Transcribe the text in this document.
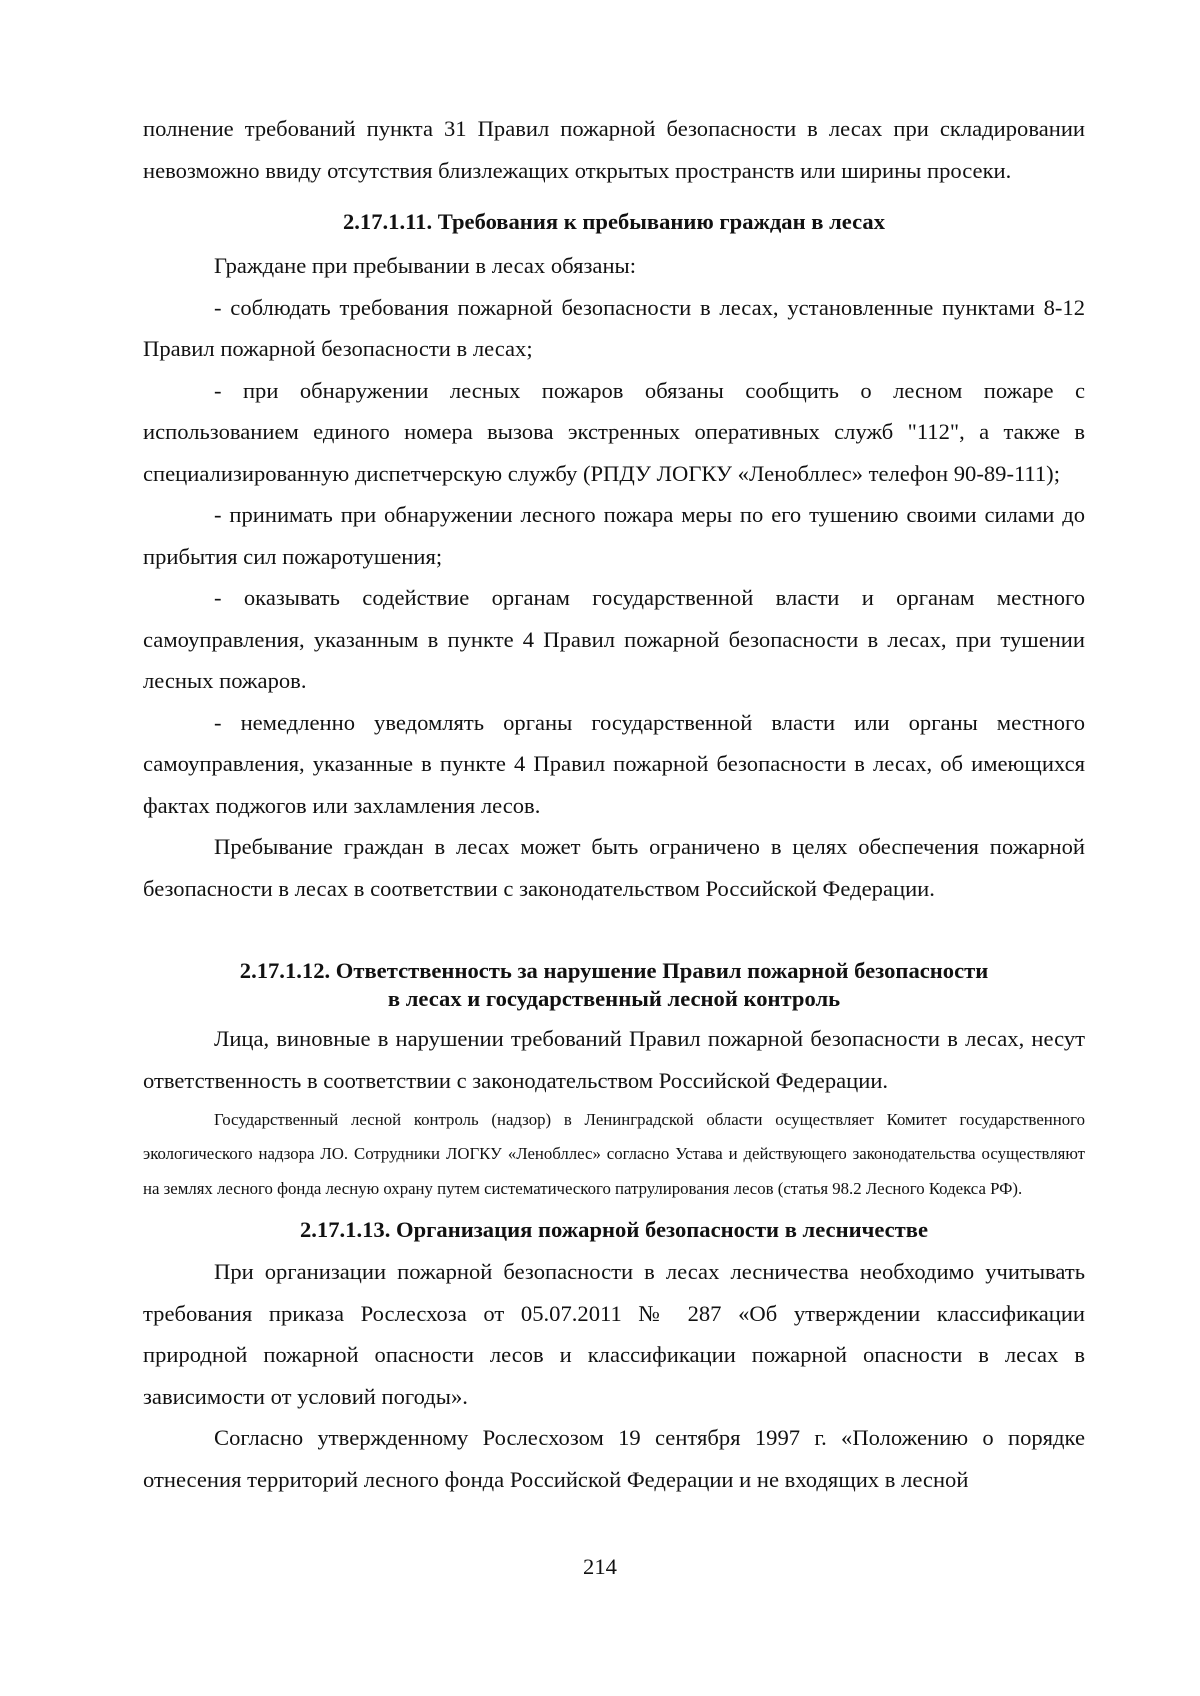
полнение требований пункта 31 Правил пожарной безопасности в лесах при складировании невозможно ввиду отсутствия близлежащих открытых пространств или ширины просеки.

2.17.1.11. Требования к пребыванию граждан в лесах

Граждане при пребывании в лесах обязаны:

- соблюдать требования пожарной безопасности в лесах, установленные пунктами 8-12 Правил пожарной безопасности в лесах;

- при обнаружении лесных пожаров обязаны сообщить о лесном пожаре с использованием единого номера вызова экстренных оперативных служб "112", а также в специализированную диспетчерскую службу (РПДУ ЛОГКУ «Ленобллес» телефон 90-89-111);

- принимать при обнаружении лесного пожара меры по его тушению своими силами до прибытия сил пожаротушения;

- оказывать содействие органам государственной власти и органам местного самоуправления, указанным в пункте 4 Правил пожарной безопасности в лесах, при тушении лесных пожаров.

- немедленно уведомлять органы государственной власти или органы местного самоуправления, указанные в пункте 4 Правил пожарной безопасности в лесах, об имеющихся фактах поджогов или захламления лесов.

Пребывание граждан в лесах может быть ограничено в целях обеспечения пожарной безопасности в лесах в соответствии с законодательством Российской Федерации.

2.17.1.12. Ответственность за нарушение Правил пожарной безопасности

в лесах и государственный лесной контроль

Лица, виновные в нарушении требований Правил пожарной безопасности в лесах, несут ответственность в соответствии с законодательством Российской Федерации.

Государственный лесной контроль (надзор) в Ленинградской области осуществляет Комитет государственного экологического надзора ЛО. Сотрудники ЛОГКУ «Ленобллес» согласно Устава и действующего законодательства осуществляют на землях лесного фонда лесную охрану путем систематического патрулирования лесов (статья 98.2 Лесного Кодекса РФ).

2.17.1.13. Организация пожарной безопасности в лесничестве

При организации пожарной безопасности в лесах лесничества необходимо учитывать требования приказа Рослесхоза от 05.07.2011 № 287 «Об утверждении классификации природной пожарной опасности лесов и классификации пожарной опасности в лесах в зависимости от условий погоды».

Согласно утвержденному Рослесхозом 19 сентября 1997 г. «Положению о порядке отнесения территорий лесного фонда Российской Федерации и не входящих в лесной

214
